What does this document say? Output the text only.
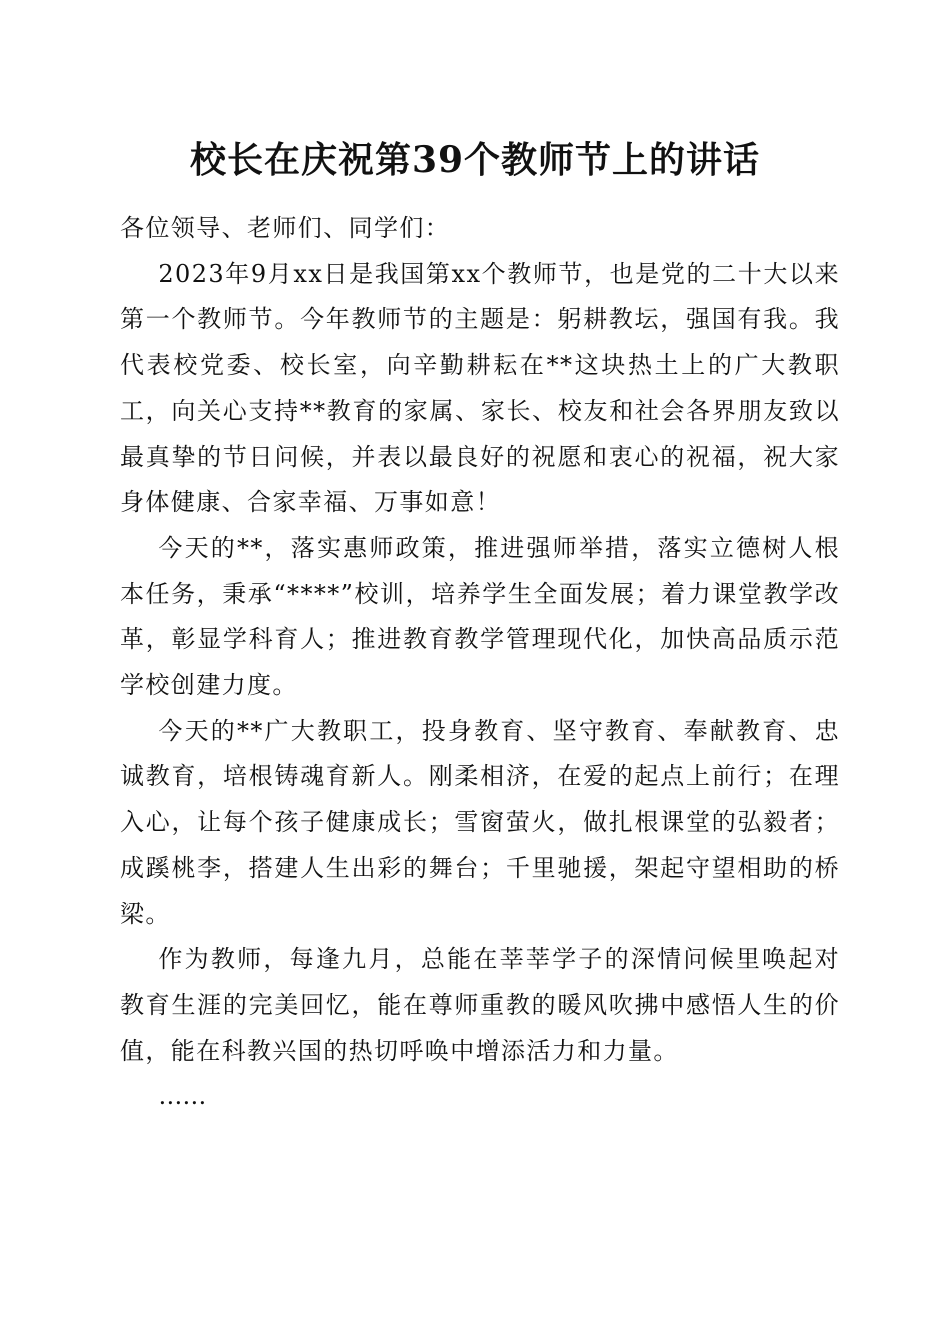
校长在庆祝第39个教师节上的讲话

各位领导、老师们、同学们：

2023年9月xx日是我国第xx个教师节，也是党的二十大以来第一个教师节。今年教师节的主题是：躬耕教坛，强国有我。我代表校党委、校长室，向辛勤耕耘在**这块热土上的广大教职工，向关心支持**教育的家属、家长、校友和社会各界朋友致以最真挚的节日问候，并表以最良好的祝愿和衷心的祝福，祝大家身体健康、合家幸福、万事如意！

今天的**，落实惠师政策，推进强师举措，落实立德树人根本任务，秉承“****”校训，培养学生全面发展；着力课堂教学改革，彰显学科育人；推进教育教学管理现代化，加快高品质示范学校创建力度。

今天的**广大教职工，投身教育、坚守教育、奉献教育、忠诚教育，培根铸魂育新人。刚柔相济，在爱的起点上前行；在理入心，让每个孩子健康成长；雪窗萤火，做扎根课堂的弘毅者；成蹊桃李，搭建人生出彩的舞台；千里驰援，架起守望相助的桥梁。

作为教师，每逢九月，总能在莘莘学子的深情问候里唤起对教育生涯的完美回忆，能在尊师重教的暖风吹拂中感悟人生的价值，能在科教兴国的热切呼唤中增添活力和力量。

……
